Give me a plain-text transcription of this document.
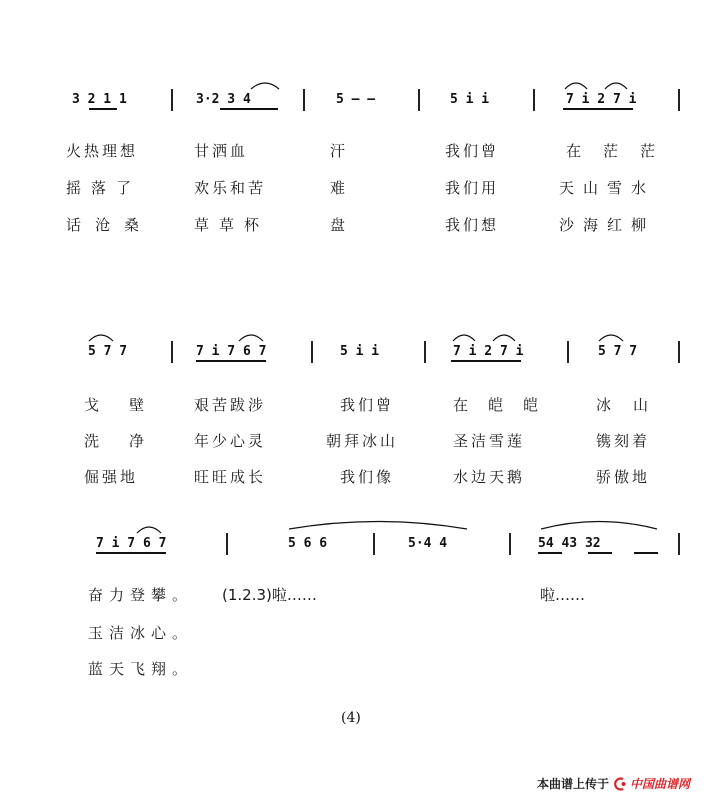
3 2 1 1	3·2 3 4	5 — —	5 i i	7 i 2 7 i
火热理想	甘洒血	汗	我们曾	在茫茫
摇落了	欢乐和苦	难	我们用	天山雪水
话沧桑	草草杯	盘	我们想	沙海红柳
5 7 7	7 i 7 6 7	5 i i	7 i 2 7 i	5 7 7
戈壁 艰苦跋涉	我们曾	在皑皑	冰山
洗净 年少心灵	朝拜冰山	圣洁雪莲	镌刻着
倔强地	旺旺成长	我们像	水边天鹅	骄傲地
7 i 7 6 7	5 6 6	5·4 4	54 43 32
奋力登攀。 (1.2.3)啦……	啦……
玉洁冰心。
蓝天飞翔。
(4)
本曲谱上传于 中国曲谱网
